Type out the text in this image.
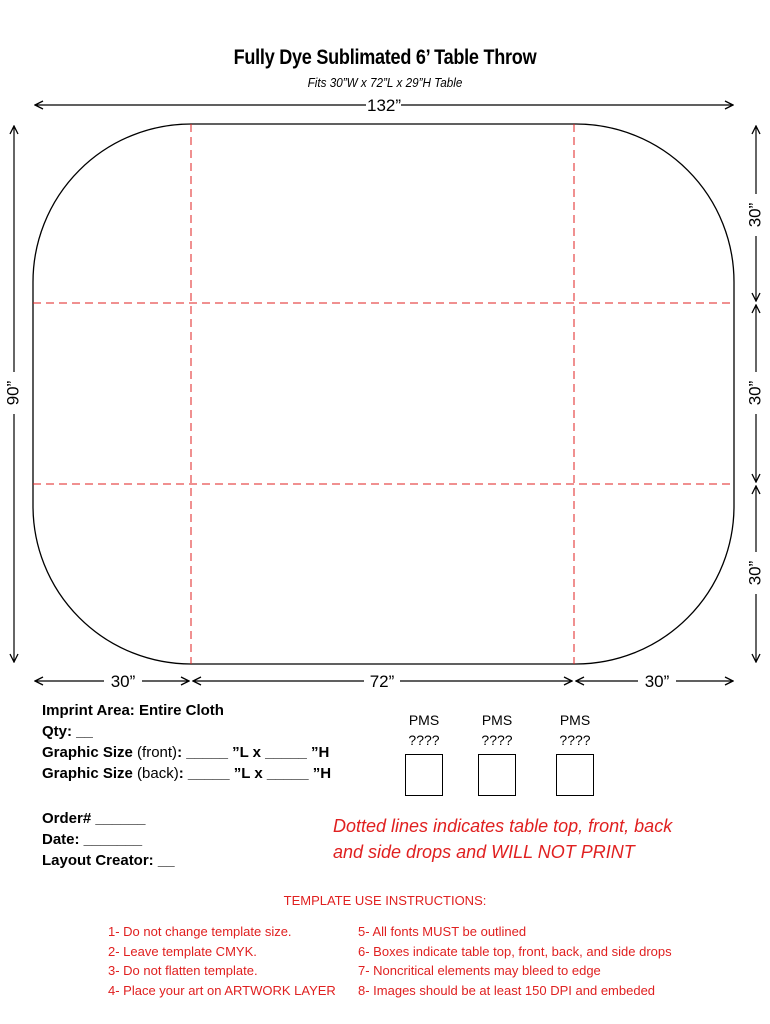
Fully Dye Sublimated 6’ Table Throw
Fits 30”W x 72”L x 29”H Table
132”
90”
30”
30”
30”
30”	72”	30”
Imprint Area: Entire Cloth
Qty: __
Graphic Size (front): _____ ”L x _____ ”H
Graphic Size (back): _____ ”L x _____ ”H
Order# ______
Date: _______
Layout Creator: __
PMS
????
PMS
????
PMS
????
Dotted lines indicates table top, front, back
and side drops and WILL NOT PRINT
TEMPLATE USE INSTRUCTIONS:
1- Do not change template size.
2- Leave template CMYK.
3- Do not flatten template.
4- Place your art on ARTWORK LAYER
5- All fonts MUST be outlined
6- Boxes indicate table top, front, back, and side drops
7- Noncritical elements may bleed to edge
8- Images should be at least 150 DPI and embeded
